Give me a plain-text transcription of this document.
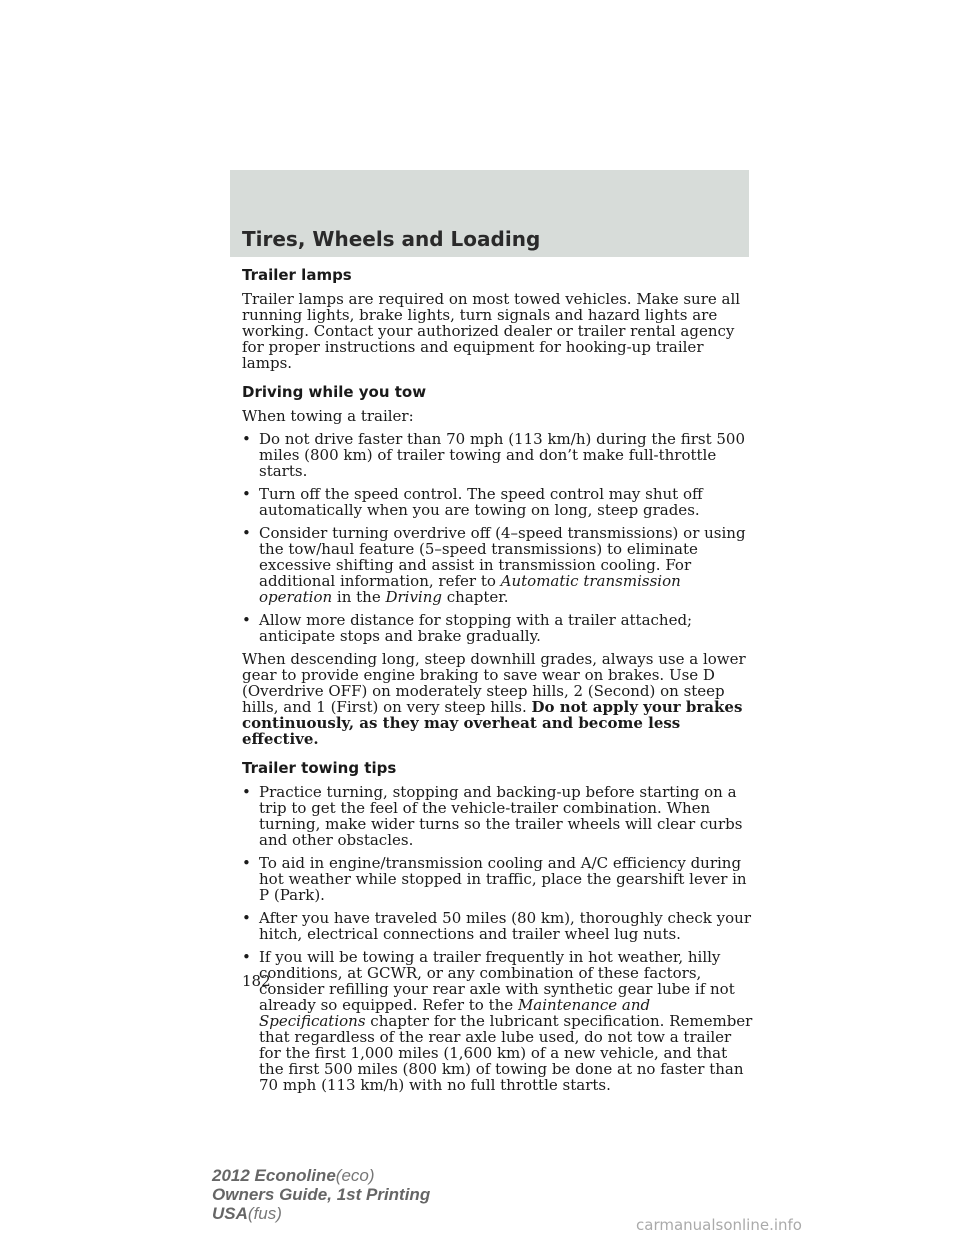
Tires, Wheels and Loading
Trailer lamps

Trailer lamps are required on most towed vehicles. Make sure all running lights, brake lights, turn signals and hazard lights are working. Contact your authorized dealer or trailer rental agency for proper instructions and equipment for hooking-up trailer lamps.

Driving while you tow

When towing a trailer:

• Do not drive faster than 70 mph (113 km/h) during the first 500 miles (800 km) of trailer towing and don’t make full-throttle starts.
• Turn off the speed control. The speed control may shut off automatically when you are towing on long, steep grades.
• Consider turning overdrive off (4–speed transmissions) or using the tow/haul feature (5–speed transmissions) to eliminate excessive shifting and assist in transmission cooling. For additional information, refer to Automatic transmission operation in the Driving chapter.
• Allow more distance for stopping with a trailer attached; anticipate stops and brake gradually.

When descending long, steep downhill grades, always use a lower gear to provide engine braking to save wear on brakes. Use D (Overdrive OFF) on moderately steep hills, 2 (Second) on steep hills, and 1 (First) on very steep hills. Do not apply your brakes continuously, as they may overheat and become less effective.

Trailer towing tips
• Practice turning, stopping and backing-up before starting on a trip to get the feel of the vehicle-trailer combination. When turning, make wider turns so the trailer wheels will clear curbs and other obstacles.
• To aid in engine/transmission cooling and A/C efficiency during hot weather while stopped in traffic, place the gearshift lever in P (Park).
• After you have traveled 50 miles (80 km), thoroughly check your hitch, electrical connections and trailer wheel lug nuts.
• If you will be towing a trailer frequently in hot weather, hilly conditions, at GCWR, or any combination of these factors, consider refilling your rear axle with synthetic gear lube if not already so equipped. Refer to the Maintenance and Specifications chapter for the lubricant specification. Remember that regardless of the rear axle lube used, do not tow a trailer for the first 1,000 miles (1,600 km) of a new vehicle, and that the first 500 miles (800 km) of towing be done at no faster than 70 mph (113 km/h) with no full throttle starts.
182
2012 Econoline(eco)
Owners Guide, 1st Printing
USA(fus)
carmanualsonline.info
